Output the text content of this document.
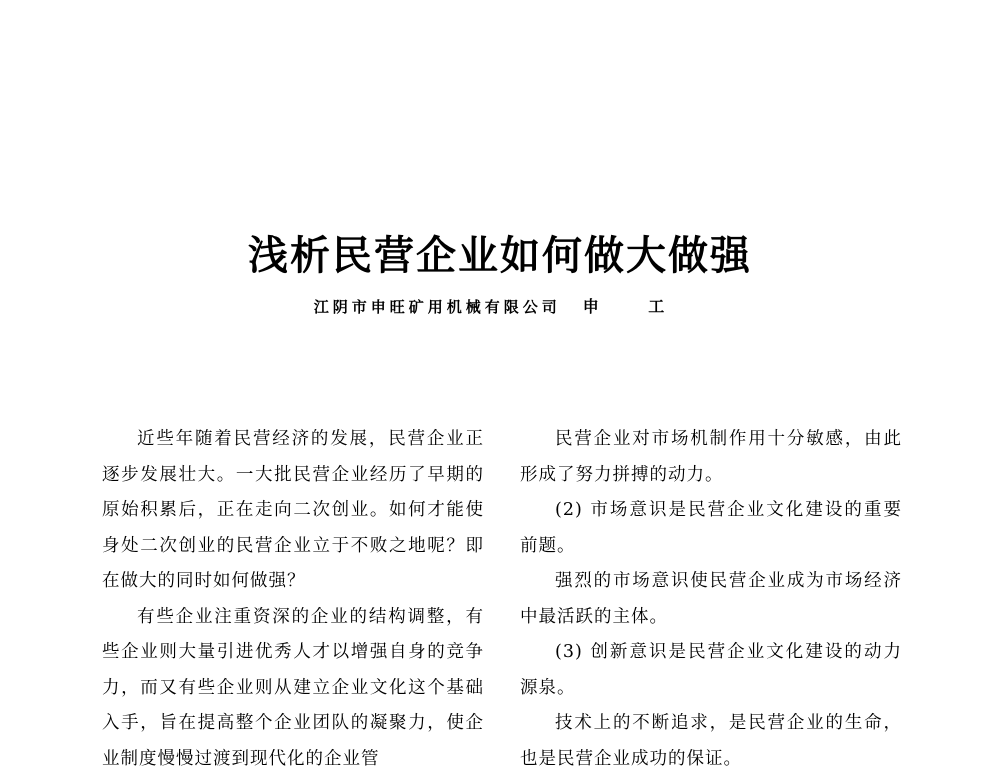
浅析民营企业如何做大做强
江阴市申旺矿用机械有限公司 申 工

近些年随着民营经济的发展，民营企业正逐步发展壮大。一大批民营企业经历了早期的原始积累后，正在走向二次创业。如何才能使身处二次创业的民营企业立于不败之地呢？即在做大的同时如何做强？

有些企业注重资深的企业的结构调整，有些企业则大量引进优秀人才以增强自身的竞争力，而又有些企业则从建立企业文化这个基础入手，旨在提高整个企业团队的凝聚力，使企业制度慢慢过渡到现代化的企业管

民营企业对市场机制作用十分敏感，由此形成了努力拼搏的动力。

(2) 市场意识是民营企业文化建设的重要前题。

强烈的市场意识使民营企业成为市场经济中最活跃的主体。

(3) 创新意识是民营企业文化建设的动力源泉。

技术上的不断追求，是民营企业的生命，也是民营企业成功的保证。
